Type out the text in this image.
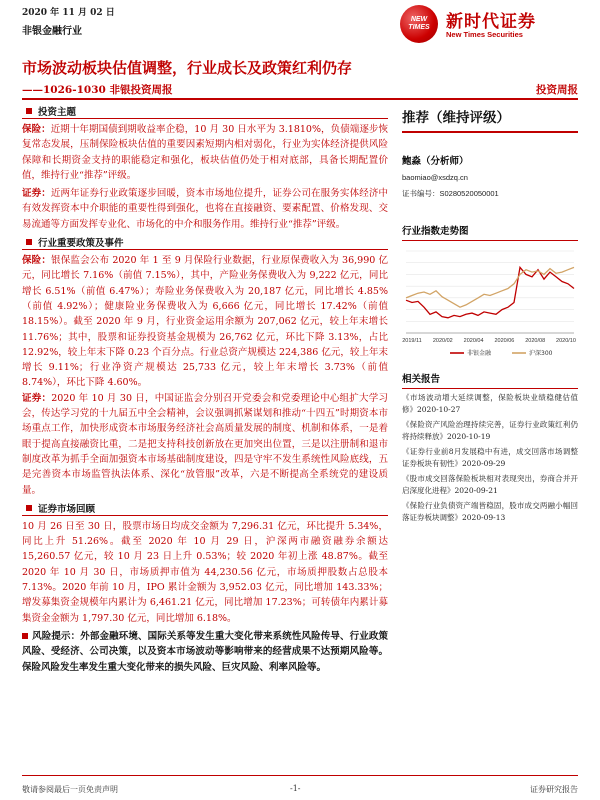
2020 年 11 月 02 日
非银金融行业
NEW
TIMES 新时代证券
New Times Securities
市场波动板块估值调整，行业成长及政策红利仍存
——1026-1030 非银投资周报	投资周报
投资主题

保险：近期十年期国债到期收益率企稳，10 月 30 日水平为 3.1810%，负债端逐步恢复常态发展，压制保险板块估值的重要因素短期内相对弱化，行业为实体经济提供风险保障和长期资金支持的职能稳定和强化，板块估值仍处于相对底部，具备长期配置价值，维持行业“推荐”评级。

证券：近两年证券行业政策逐步回暖，资本市场地位提升，证券公司在服务实体经济中有效发挥资本中介职能的重要性得到强化，也将在直接融资、要素配置、价格发现、交易流通等方面发挥专业化、市场化的中介和服务作用。维持行业“推荐”评级。

行业重要政策及事件

保险：银保监会公布 2020 年 1 至 9 月保险行业数据，行业原保费收入为 36,990 亿元，同比增长 7.16%（前值 7.15%），其中，产险业务保费收入为 9,222 亿元，同比增长 6.51%（前值 6.47%）；寿险业务保费收入为 20,187 亿元，同比增长 4.85%（前值 4.92%）；健康险业务保费收入为 6,666 亿元，同比增长 17.42%（前值 18.15%）。截至 2020 年 9 月，行业资金运用余额为 207,062 亿元，较上年末增长 11.76%；其中，股票和证券投资基金规模为 26,762 亿元，环比下降 3.13%，占比 12.92%，较上年末下降 0.23 个百分点。行业总资产规模达 224,386 亿元，较上年末增长 9.11%；行业净资产规模达 25,733 亿元，较上年末增长 3.73%（前值 8.74%），环比下降 4.60%。

证券：2020 年 10 月 30 日，中国证监会分别召开党委会和党委理论中心组扩大学习会，传达学习党的十九届五中全会精神，会议强调抓紧谋划和推动“十四五”时期资本市场重点工作，加快形成资本市场服务经济社会高质量发展的制度、机制和体系，一是着眼于提高直接融资比重，二是把支持科技创新放在更加突出位置，三是以注册制和退市制度改革为抓手全面加强资本市场基础制度建设，四是守牢不发生系统性风险底线，五是完善资本市场监管执法体系、深化“放管服”改革，六是不断提高全系统党的建设质量。

证券市场回顾

10 月 26 日至 30 日，股票市场日均成交金额为 7,296.31 亿元，环比提升 5.34%，同比上升 51.26%。截至 2020 年 10 月 29 日，沪深两市融资融券余额达 15,260.57 亿元，较 10 月 23 日上升 0.53%；较 2020 年初上涨 48.87%。截至 2020 年 10 月 30 日，市场质押市值为 44,230.56 亿元，市场质押股数占总股本 7.13%。2020 年前 10 月，IPO 累计金额为 3,952.03 亿元，同比增加 143.33%；增发募集资金规模年内累计为 6,461.21 亿元，同比增加 17.23%；可转债年内累计募集资金金额为 1,797.30 亿元，同比增加 6.18%。

风险提示：外部金融环境、国际关系等发生重大变化带来系统性风险传导、行业政策风险、受经济、公司决策，以及资本市场波动等影响带来的经营成果不达预期风险等。保险风险发生率发生重大变化带来的损失风险、巨灾风险、利率风险等。

推荐（维持评级）
鲍淼（分析师）
baomiao@xsdzq.cn
证书编号：S0280520050001
行业指数走势图
2019/11 2020/02 2020/04 2020/06 2020/08 2020/10
非银金融	沪深300
相关报告
《市场波动增大延续调整，保险板块业绩稳健估值修》2020-10-27
《保险资产风险治理持续完善，证券行业政策红利仍将持续释放》2020-10-19
《证券行业前8月发展稳中有进，成交回落市场调整证券板块有韧性》2020-09-29
《股市成交回落保险板块相对表现突出，券商合并开启深度化进程》2020-09-21
《保险行业负债资产端皆稳固，股市成交两融小幅回落证券板块调整》2020-09-13
敬请参阅最后一页免责声明	-1-	证券研究报告
